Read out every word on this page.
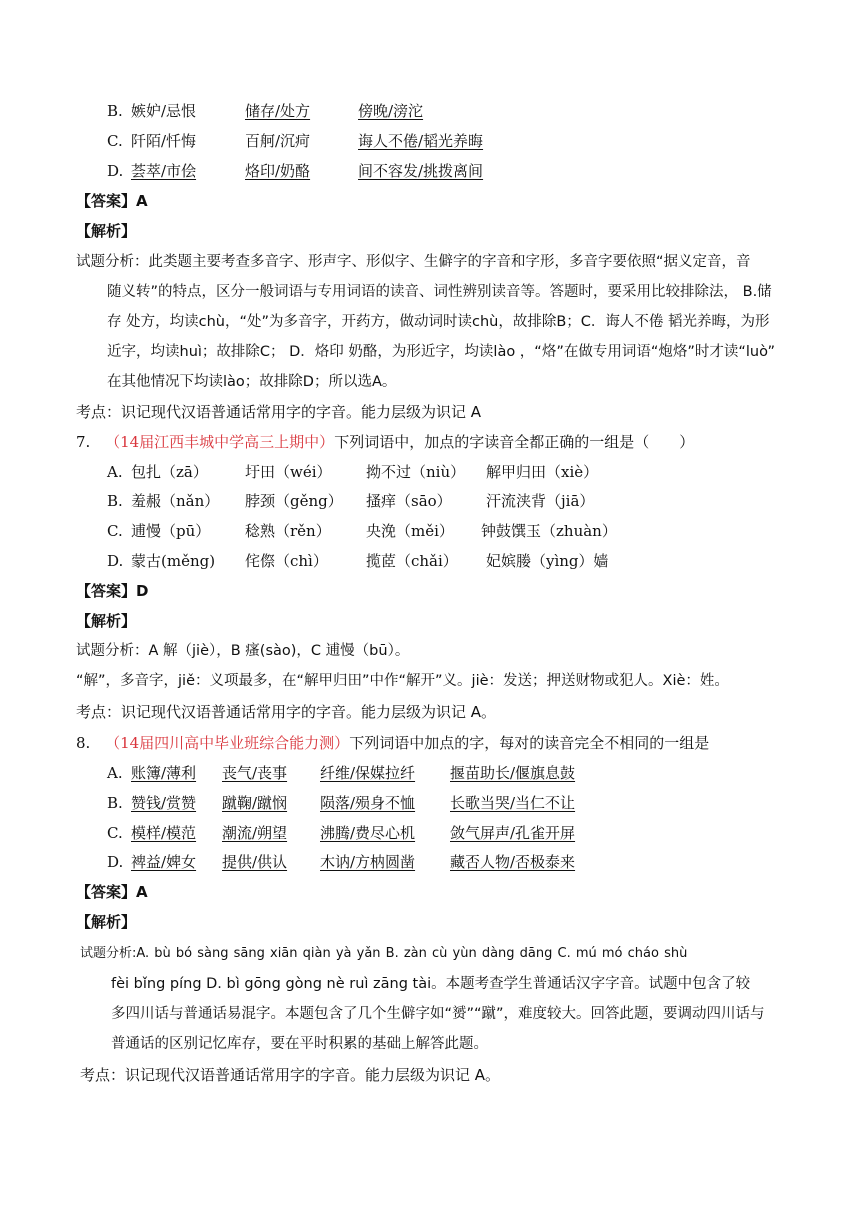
B. 嫉妒/忌恨	储存/处方	傍晚/滂沱
C. 阡陌/忏悔	百舸/沉疴	诲人不倦/韬光养晦
D. 荟萃/市侩	烙印/奶酪	间不容发/挑拨离间
【答案】A
【解析】
试题分析：此类题主要考查多音字、形声字、形似字、生僻字的字音和字形，多音字要依照“据义定音，音
随义转”的特点，区分一般词语与专用词语的读音、词性辨别读音等。答题时，要采用比较排除法， B.储
存 处方，均读chù，“处”为多音字，开药方，做动词时读chù，故排除B；C．诲人不倦 韬光养晦，为形
近字，均读huì；故排除C； D．烙印 奶酪，为形近字，均读lào ，“烙”在做专用词语“炮烙”时才读“luò”
在其他情况下均读lào；故排除D；所以选A。
考点：识记现代汉语普通话常用字的字音。能力层级为识记 A
7. （14届江西丰城中学高三上期中）下列词语中，加点的字读音全都正确的一组是（　　）
A. 包扎（zā） 圩田（wéi） 拗不过（niù） 解甲归田（xiè）
B. 羞赧（nǎn） 脖颈（gěng） 搔痒（sāo） 汗流浃背（jiā）
C. 逋慢（pū） 稔熟（rěn） 央浼（měi） 钟鼓馔玉（zhuàn）
D. 蒙古(měng) 侘傺（chì）	揽茝（chǎi） 妃嫔媵（yìng）嫱
【答案】D
【解析】
试题分析：A 解（jiè），B 瘙(sào)，C 逋慢（bū）。
“解”，多音字，jiě：义项最多，在“解甲归田”中作“解开”义。jiè：发送；押送财物或犯人。Xiè：姓。
考点：识记现代汉语普通话常用字的字音。能力层级为识记 A。
8. （14届四川高中毕业班综合能力测）下列词语中加点的字，每对的读音完全不相同的一组是
A. 账簿/薄利 丧气/丧事 纤维/保媒拉纤 揠苗助长/偃旗息鼓
B. 赞钱/赏赞 蹴鞠/蹴悯 陨落/殒身不恤 长歌当哭/当仁不让
C. 模样/模范 潮流/朔望 沸腾/费尽心机 敛气屏声/孔雀开屏
D. 裨益/婢女 提供/供认 木讷/方枘圆凿 藏否人物/否极泰来
【答案】A
【解析】
试题分析:A. bù bó sàng sāng xiān qiàn yà yǎn B. zàn cù yùn dàng dāng C. mú mó cháo shù
fèi bǐng píng D. bì gōng gòng nè ruì zāng tài。本题考查学生普通话汉字字音。试题中包含了较
多四川话与普通话易混字。本题包含了几个生僻字如“赟”“蹴”，难度较大。回答此题，要调动四川话与
普通话的区别记忆库存，要在平时积累的基础上解答此题。
考点：识记现代汉语普通话常用字的字音。能力层级为识记 A。
